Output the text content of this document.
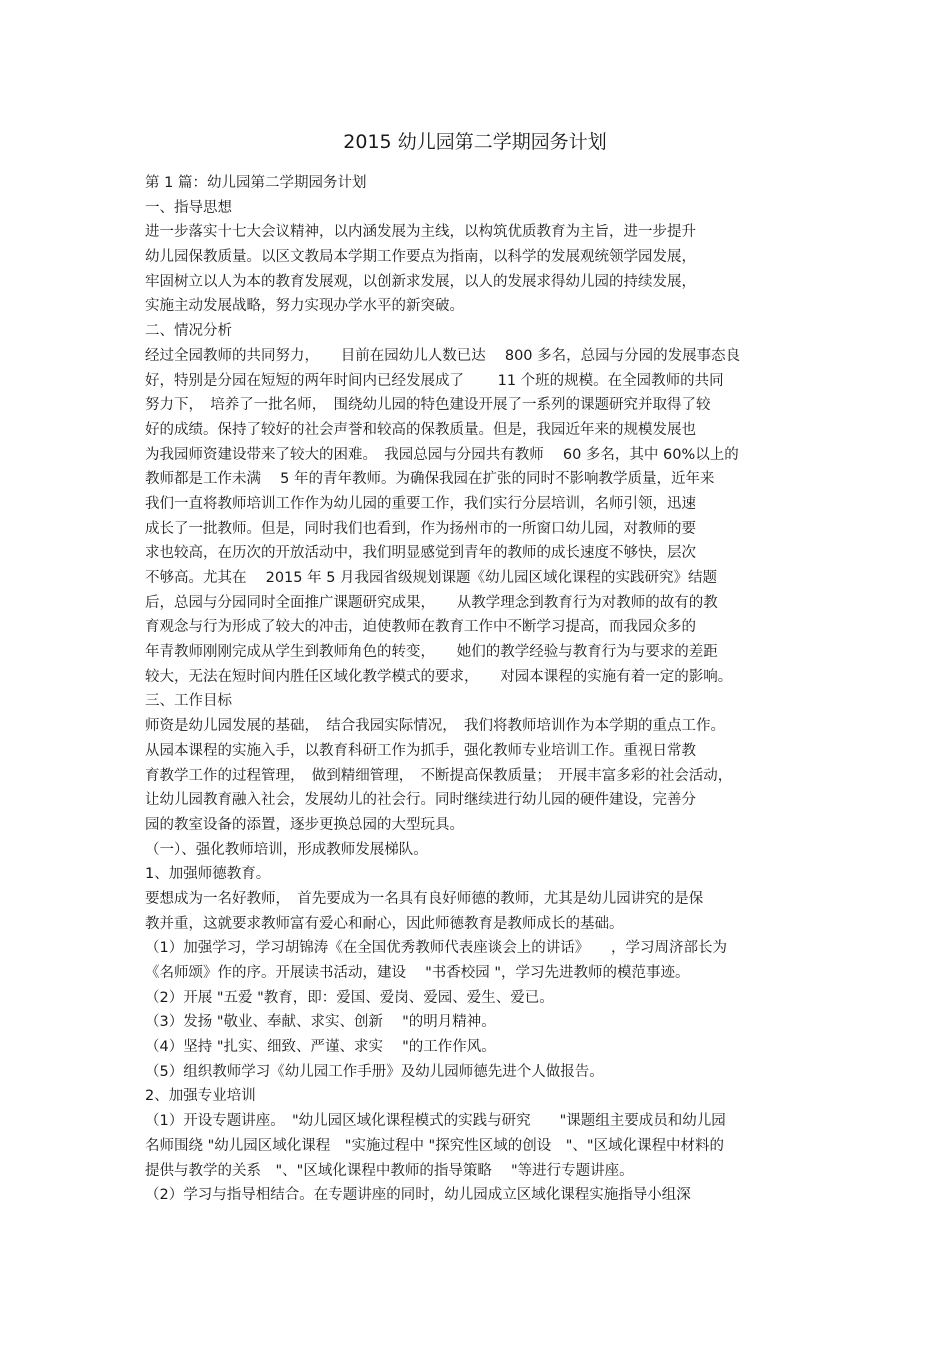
2015 幼儿园第二学期园务计划

第 1 篇：幼儿园第二学期园务计划

一、指导思想

进一步落实十七大会议精神，以内涵发展为主线，以构筑优质教育为主旨，进一步提升

幼儿园保教质量。以区文教局本学期工作要点为指南，以科学的发展观统领学园发展，

牢固树立以人为本的教育发展观，以创新求发展，以人的发展求得幼儿园的持续发展，

实施主动发展战略，努力实现办学水平的新突破。

二、情况分析

经过全园教师的共同努力，　　目前在园幼儿人数已达　 800 多名，总园与分园的发展事态良

好，特别是分园在短短的两年时间内已经发展成了　　 11 个班的规模。在全园教师的共同

努力下，　培养了一批名师，　围绕幼儿园的特色建设开展了一系列的课题研究并取得了较

好的成绩。保持了较好的社会声誉和较高的保教质量。但是，我园近年来的规模发展也

为我园师资建设带来了较大的困难。　我园总园与分园共有教师　 60 多名，其中 60%以上的

教师都是工作未满　 5 年的青年教师。为确保我园在扩张的同时不影响教学质量，近年来

我们一直将教师培训工作作为幼儿园的重要工作，我们实行分层培训，名师引领，迅速

成长了一批教师。但是，同时我们也看到，作为扬州市的一所窗口幼儿园，对教师的要

求也较高，在历次的开放活动中，我们明显感觉到青年的教师的成长速度不够快，层次

不够高。尤其在　 2015 年 5 月我园省级规划课题《幼儿园区域化课程的实践研究》结题

后，总园与分园同时全面推广课题研究成果，　　从教学理念到教育行为对教师的故有的教

育观念与行为形成了较大的冲击，迫使教师在教育工作中不断学习提高，而我园众多的

年青教师刚刚完成从学生到教师角色的转变，　　她们的教学经验与教育行为与要求的差距

较大，无法在短时间内胜任区域化教学模式的要求，　　对园本课程的实施有着一定的影响。

三、工作目标

师资是幼儿园发展的基础，　结合我园实际情况，　我们将教师培训作为本学期的重点工作。

从园本课程的实施入手，以教育科研工作为抓手，强化教师专业培训工作。重视日常教

育教学工作的过程管理，　做到精细管理，　不断提高保教质量；　开展丰富多彩的社会活动，

让幼儿园教育融入社会，发展幼儿的社会行。同时继续进行幼儿园的硬件建设，完善分

园的教室设备的添置，逐步更换总园的大型玩具。

（一）、强化教师培训，形成教师发展梯队。

1、加强师德教育。

要想成为一名好教师，　首先要成为一名具有良好师德的教师，尤其是幼儿园讲究的是保

教并重，这就要求教师富有爱心和耐心，因此师德教育是教师成长的基础。

（1）加强学习，学习胡锦涛《在全国优秀教师代表座谈会上的讲话》　　，学习周济部长为

《名师颂》作的序。开展读书活动，建设　 "书香校园 "，学习先进教师的模范事迹。

（2）开展 "五爱 "教育，即：爱国、爱岗、爱园、爱生、爱已。

（3）发扬 "敬业、奉献、求实、创新　 "的明月精神。

（4）坚持 "扎实、细致、严谨、求实　 "的工作作风。

（5）组织教师学习《幼儿园工作手册》及幼儿园师德先进个人做报告。

2、加强专业培训

（1）开设专题讲座。　"幼儿园区域化课程模式的实践与研究　　"课题组主要成员和幼儿园

名师围绕 "幼儿园区域化课程　"实施过程中 "探究性区域的创设　"、"区域化课程中材料的

提供与教学的关系　"、"区域化课程中教师的指导策略　 "等进行专题讲座。

（2）学习与指导相结合。在专题讲座的同时，幼儿园成立区域化课程实施指导小组深
